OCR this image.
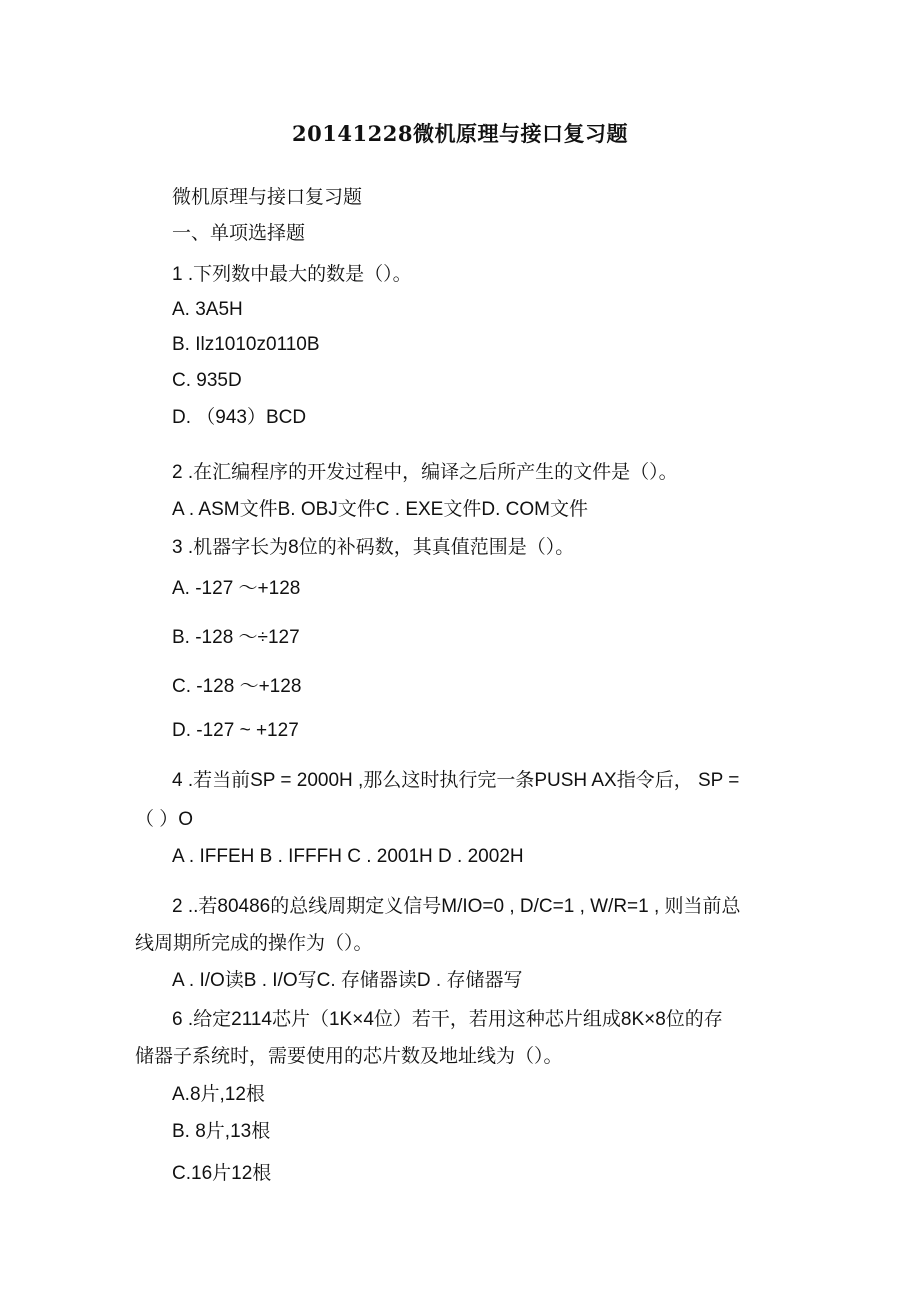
20141228微机原理与接口复习题
微机原理与接口复习题
一、单项选择题
1 .下列数中最大的数是（）。
A. 3A5H
B. Ilz1010z0110B
C. 935D
D. （943）BCD
2 .在汇编程序的开发过程中，编译之后所产生的文件是（）。
A . ASM文件B. OBJ文件C . EXE文件D. COM文件
3 .机器字长为8位的补码数，其真值范围是（）。
A. -127 ～+128
B. -128 ～÷127
C. -128 ～+128
D. -127 ~ +127
4 .若当前SP = 2000H ,那么这时执行完一条PUSH AX指令后， SP =
（ ）O
A . IFFEH B . IFFFH C . 2001H D . 2002H
2 ..若80486的总线周期定义信号M/IO=0 , D/C=1 , W/R=1 , 则当前总
线周期所完成的操作为（）。
A . I/O读B . I/O写C. 存储器读D . 存储器写
6 .给定2114芯片（1K×4位）若干，若用这种芯片组成8K×8位的存
储器子系统时，需要使用的芯片数及地址线为（）。
A.8片,12根
B. 8片,13根
C.16片12根
